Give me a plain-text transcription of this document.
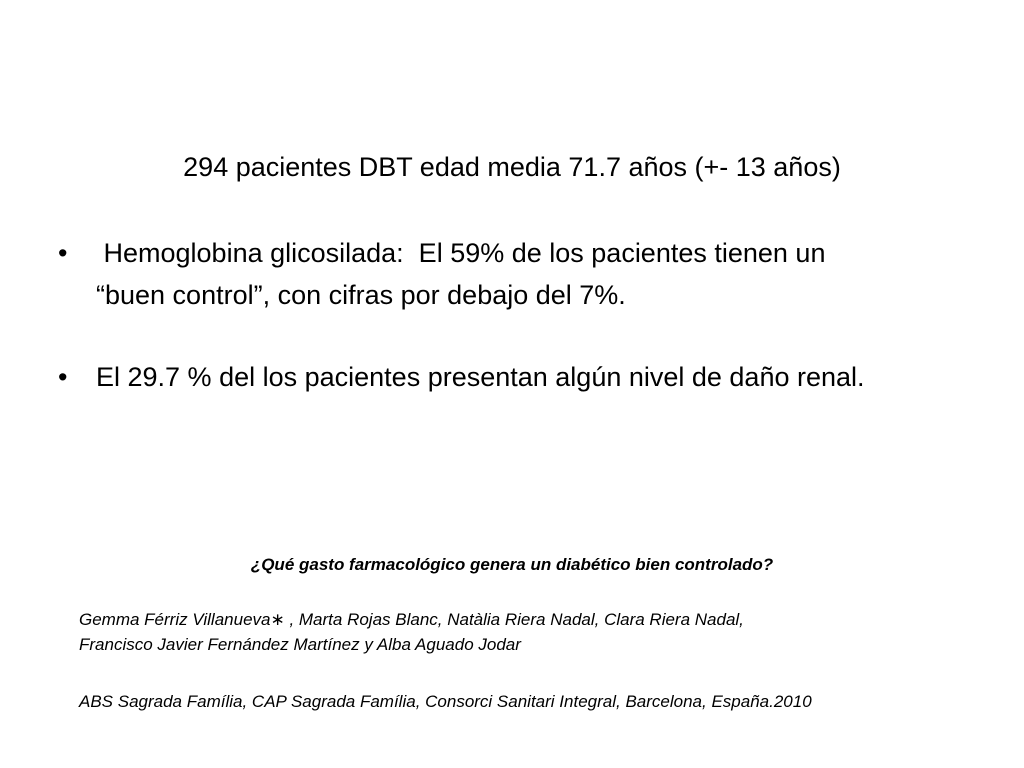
294 pacientes DBT edad media 71.7 años (+- 13 años)
•	Hemoglobina glicosilada:  El 59% de los pacientes tienen un
“buen control”, con cifras por debajo del 7%.
•	El 29.7 % del los pacientes presentan algún nivel de daño renal.
¿Qué gasto farmacológico genera un diabético bien controlado?
Gemma Férriz Villanueva∗ , Marta Rojas Blanc, Natàlia Riera Nadal, Clara Riera Nadal,
Francisco Javier Fernández Martínez y Alba Aguado Jodar
ABS Sagrada Família, CAP Sagrada Família, Consorci Sanitari Integral, Barcelona, España.2010
